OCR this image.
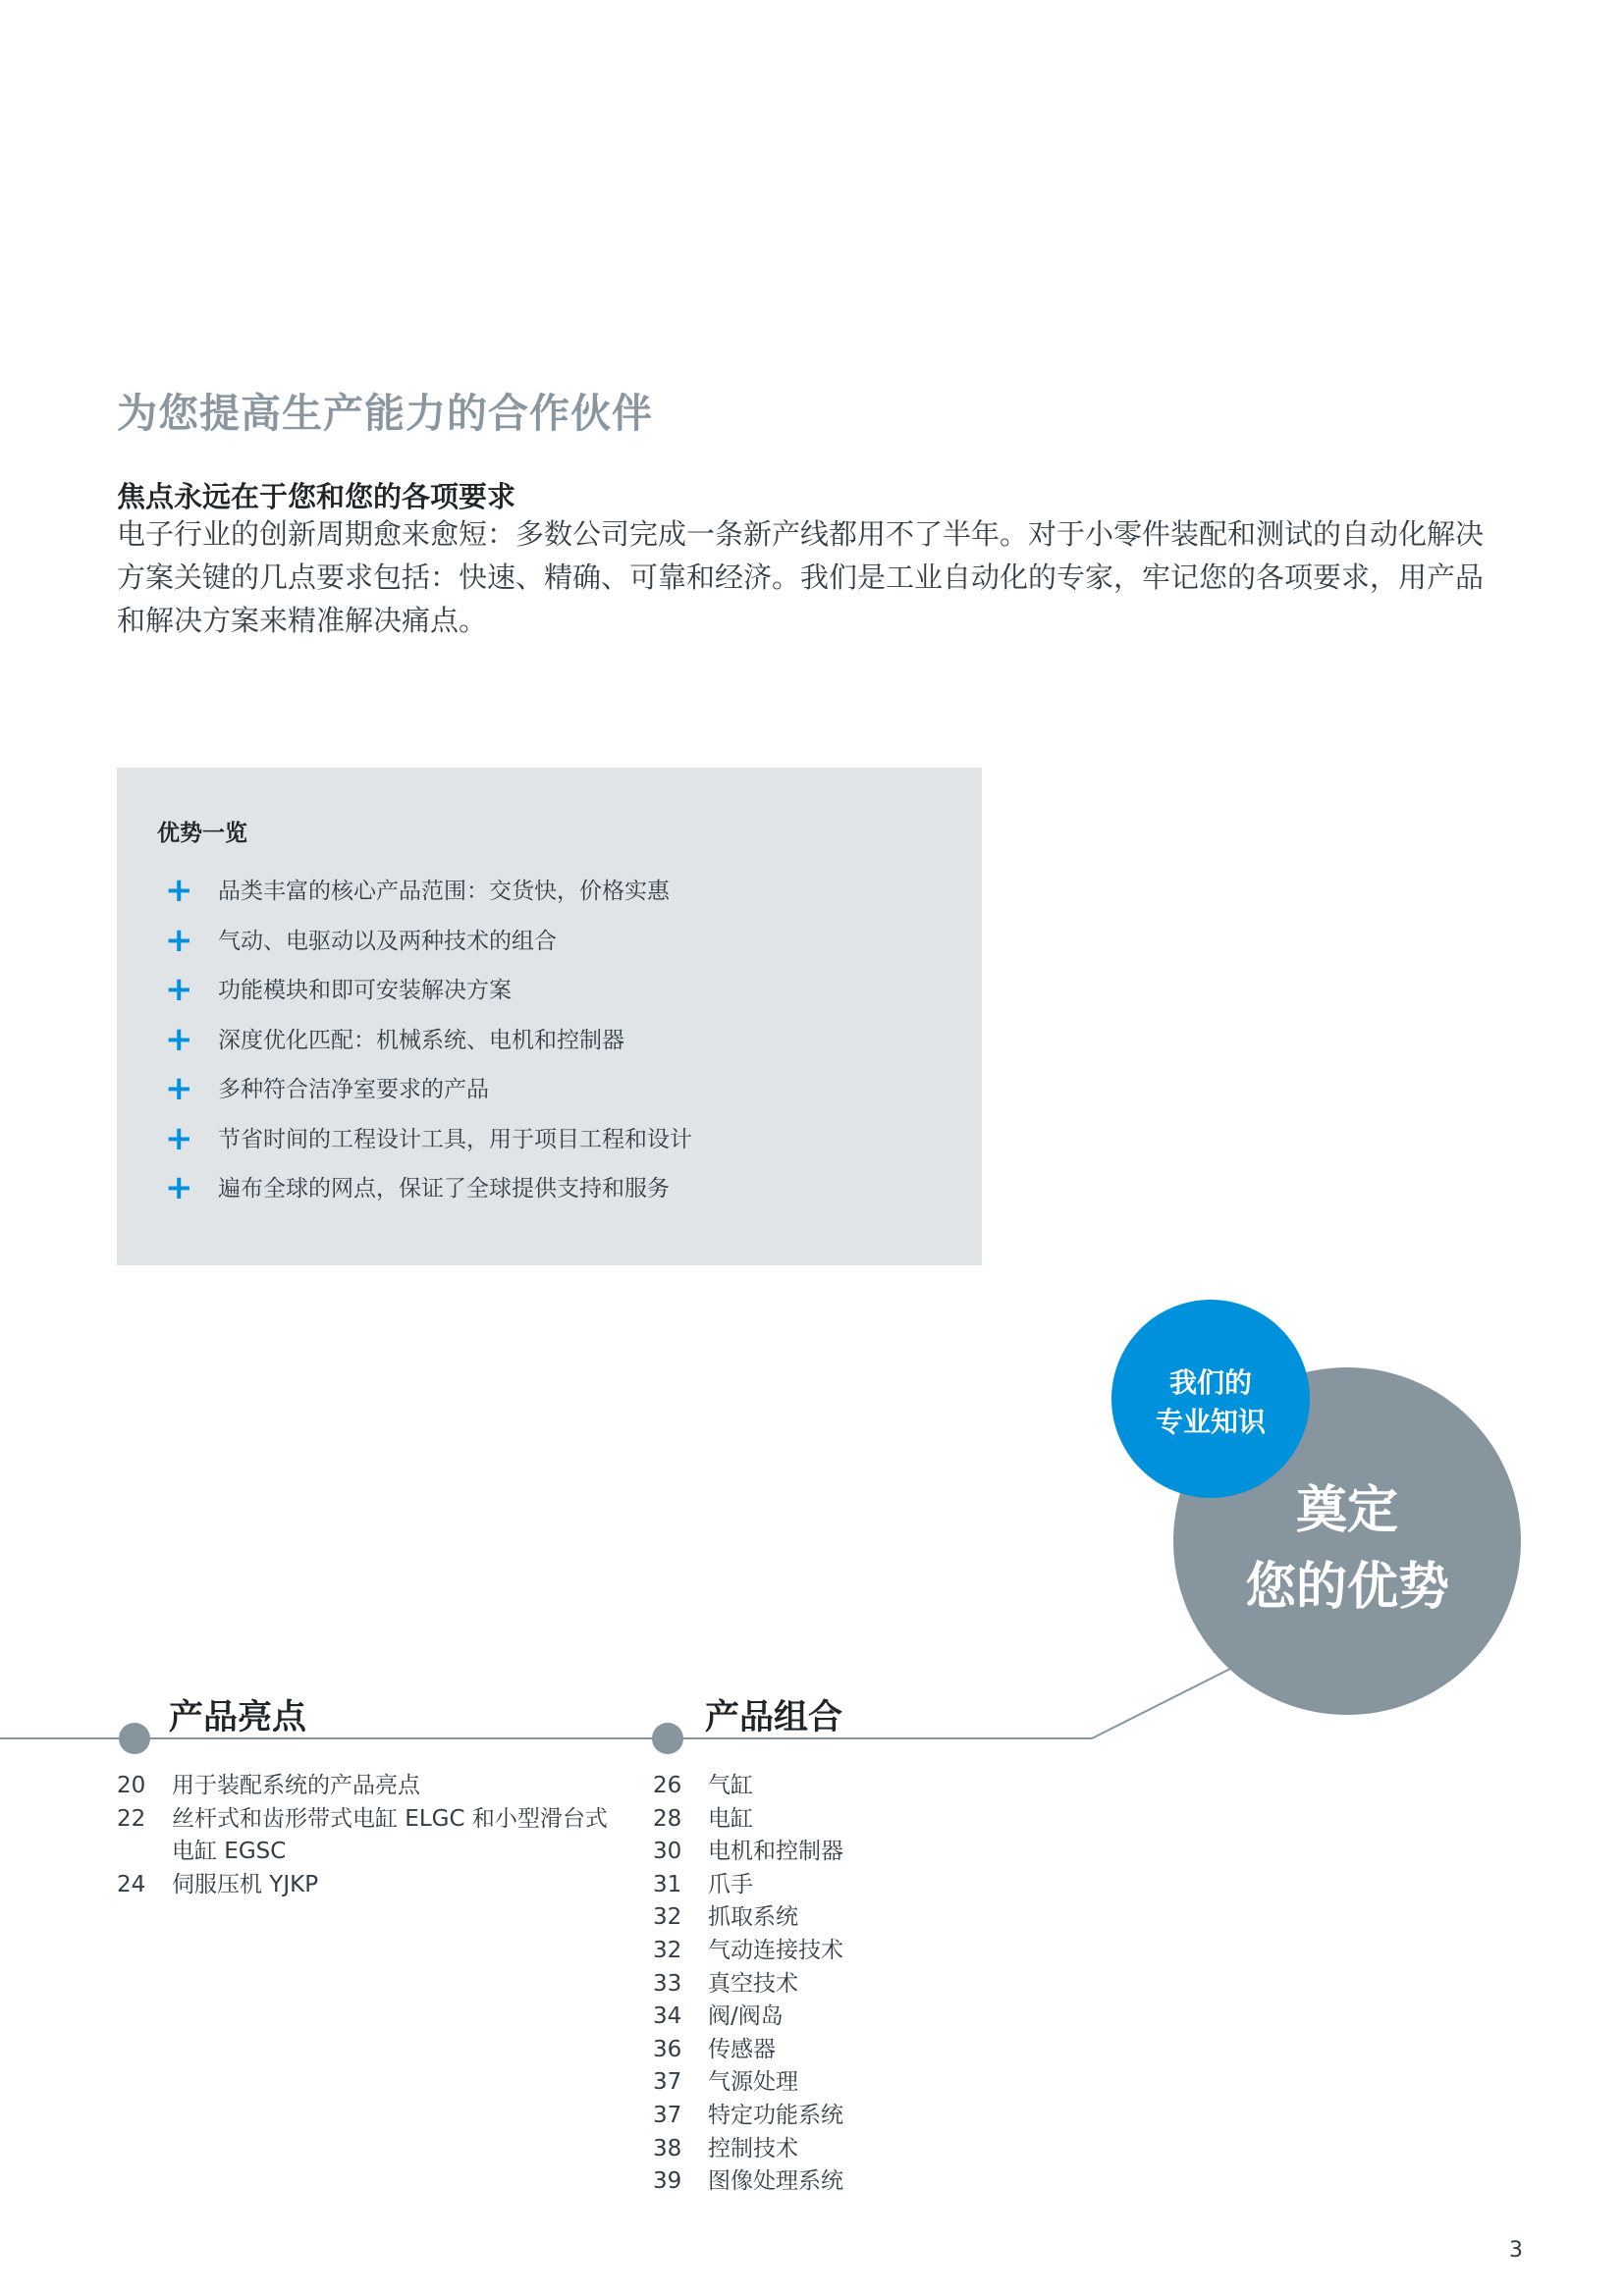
为您提高生产能力的合作伙伴
焦点永远在于您和您的各项要求

电子行业的创新周期愈来愈短：多数公司完成一条新产线都用不了半年。对于小零件装配和测试的自动化解决方案关键的几点要求包括：快速、精确、可靠和经济。我们是工业自动化的专家，牢记您的各项要求，用产品和解决方案来精准解决痛点。

优势一览
+ 品类丰富的核心产品范围：交货快，价格实惠
+ 气动、电驱动以及两种技术的组合
+ 功能模块和即可安装解决方案
+ 深度优化匹配：机械系统、电机和控制器
+ 多种符合洁净室要求的产品
+ 节省时间的工程设计工具，用于项目工程和设计
+ 遍布全球的网点，保证了全球提供支持和服务
奠定
您的优势
我们的
专业知识
产品亮点
20 用于装配系统的产品亮点
22 丝杆式和齿形带式电缸 ELGC 和小型滑台式
电缸 EGSC
24 伺服压机 YJKP
产品组合
26 气缸
28 电缸
30 电机和控制器
31 爪手
32 抓取系统
32 气动连接技术
33 真空技术
34 阀/阀岛
36 传感器
37 气源处理
37 特定功能系统
38 控制技术
39 图像处理系统
3
